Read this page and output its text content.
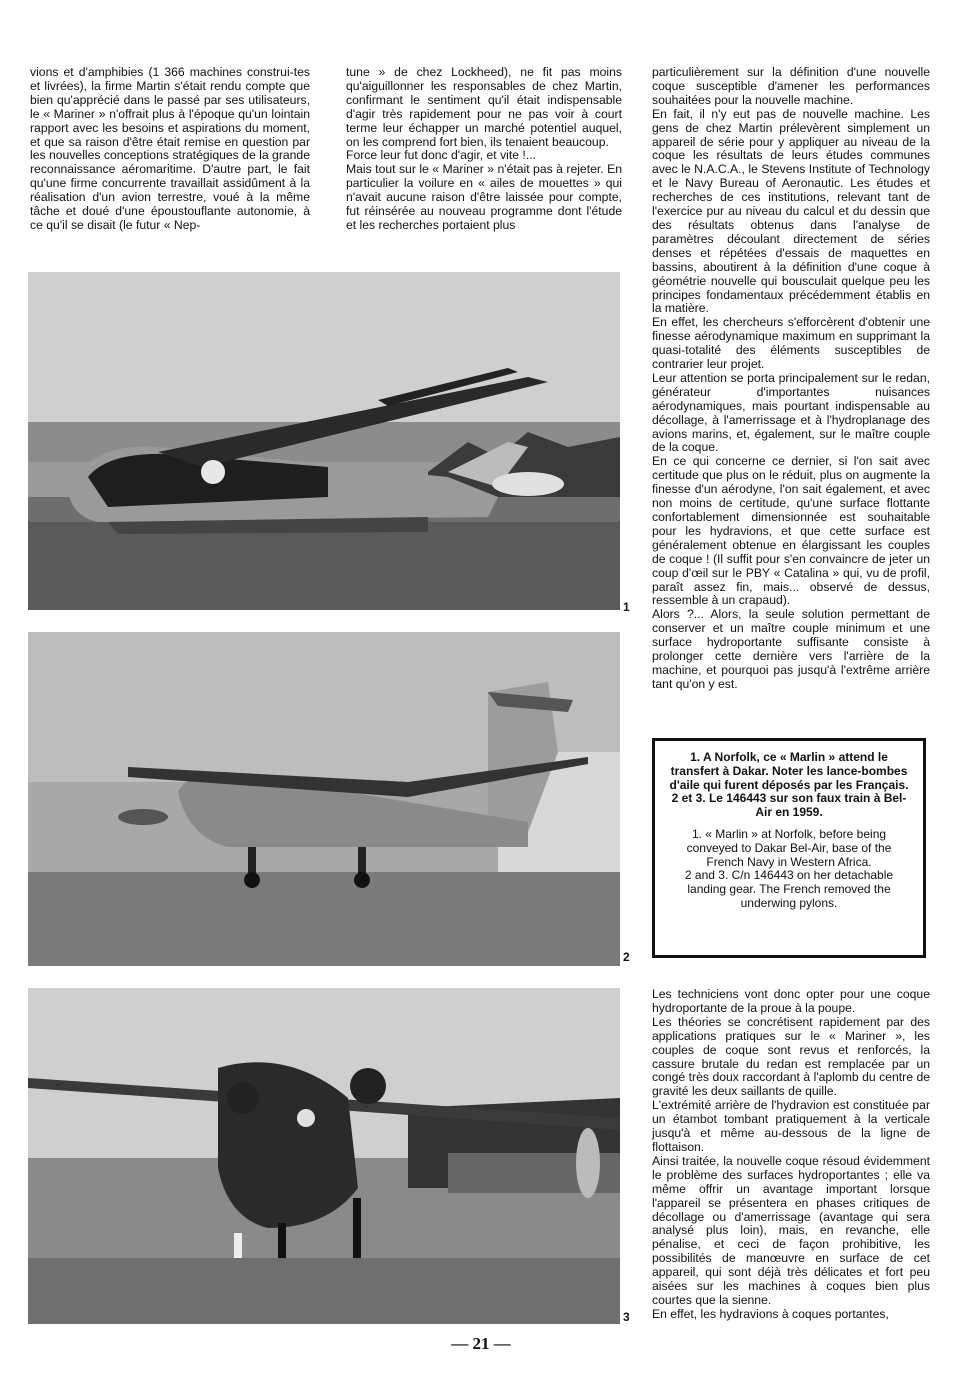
vions et d'amphibies (1 366 machines construi-tes et livrées), la firme Martin s'était rendu compte que bien qu'apprécié dans le passé par ses utilisateurs, le « Mariner » n'offrait plus à l'époque qu'un lointain rapport avec les besoins et aspirations du moment, et que sa raison d'être était remise en question par les nouvelles conceptions stratégiques de la grande reconnaissance aéromaritime. D'autre part, le fait qu'une firme concurrente travaillait assidûment à la réalisation d'un avion terrestre, voué à la même tâche et doué d'une époustouflante autonomie, à ce qu'il se disait (le futur « Nep-

tune » de chez Lockheed), ne fit pas moins qu'aiguillonner les responsables de chez Martin, confirmant le sentiment qu'il était indispensable d'agir très rapidement pour ne pas voir à court terme leur échapper un marché potentiel auquel, on les comprend fort bien, ils tenaient beaucoup.

Force leur fut donc d'agir, et vite !...

Mais tout sur le « Mariner » n'était pas à rejeter. En particulier la voilure en « ailes de mouettes » qui n'avait aucune raison d'être laissée pour compte, fut réinsérée au nouveau programme dont l'étude et les recherches portaient plus

particulièrement sur la définition d'une nouvelle coque susceptible d'amener les performances souhaitées pour la nouvelle machine.

En fait, il n'y eut pas de nouvelle machine. Les gens de chez Martin prélevèrent simplement un appareil de série pour y appliquer au niveau de la coque les résultats de leurs études communes avec le N.A.C.A., le Stevens Institute of Technology et le Navy Bureau of Aeronautic. Les études et recherches de ces institutions, relevant tant de l'exercice pur au niveau du calcul et du dessin que des résultats obtenus dans l'analyse de paramètres découlant directement de séries denses et répétées d'essais de maquettes en bassins, aboutirent à la définition d'une coque à géométrie nouvelle qui bousculait quelque peu les principes fondamentaux précédemment établis en la matière.

En effet, les chercheurs s'efforcèrent d'obtenir une finesse aérodynamique maximum en supprimant la quasi-totalité des éléments susceptibles de contrarier leur projet.

Leur attention se porta principalement sur le redan, générateur d'importantes nuisances aérodynamiques, mais pourtant indispensable au décollage, à l'amerrissage et à l'hydroplanage des avions marins, et, également, sur le maître couple de la coque.

En ce qui concerne ce dernier, si l'on sait avec certitude que plus on le réduit, plus on augmente la finesse d'un aérodyne, l'on sait également, et avec non moins de certitude, qu'une surface flottante confortablement dimensionnée est souhaitable pour les hydravions, et que cette surface est généralement obtenue en élargissant les couples de coque ! (Il suffit pour s'en convaincre de jeter un coup d'œil sur le PBY « Catalina » qui, vu de profil, paraît assez fin, mais... observé de dessus, ressemble à un crapaud).

Alors ?... Alors, la seule solution permettant de conserver et un maître couple minimum et une surface hydroportante suffisante consiste à prolonger cette dernière vers l'arrière de la machine, et pourquoi pas jusqu'à l'extrême arrière tant qu'on y est.

Les techniciens vont donc opter pour une coque hydroportante de la proue à la poupe.

Les théories se concrétisent rapidement par des applications pratiques sur le « Mariner », les couples de coque sont revus et renforcés, la cassure brutale du redan est remplacée par un congé très doux raccordant à l'aplomb du centre de gravité les deux saillants de quille.

L'extrémité arrière de l'hydravion est constituée par un étambot tombant pratiquement à la verticale jusqu'à et même au-dessous de la ligne de flottaison.

Ainsi traitée, la nouvelle coque résoud évidemment le problème des surfaces hydroportantes ; elle va même offrir un avantage important lorsque l'appareil se présentera en phases critiques de décollage ou d'amerrissage (avantage qui sera analysé plus loin), mais, en revanche, elle pénalise, et ceci de façon prohibitive, les possibilités de manœuvre en surface de cet appareil, qui sont déjà très délicates et fort peu aisées sur les machines à coques bien plus courtes que la sienne.

En effet, les hydravions à coques portantes,

1
2
1. A Norfolk, ce « Marlin » attend le transfert à Dakar. Noter les lance-bombes d'aile qui furent déposés par les Français.
2 et 3. Le 146443 sur son faux train à Bel-Air en 1959.
1. « Marlin » at Norfolk, before being conveyed to Dakar Bel-Air, base of the French Navy in Western Africa.
2 and 3. C/n 146443 on her detachable landing gear. The French removed the underwing pylons.
3
— 21 —
